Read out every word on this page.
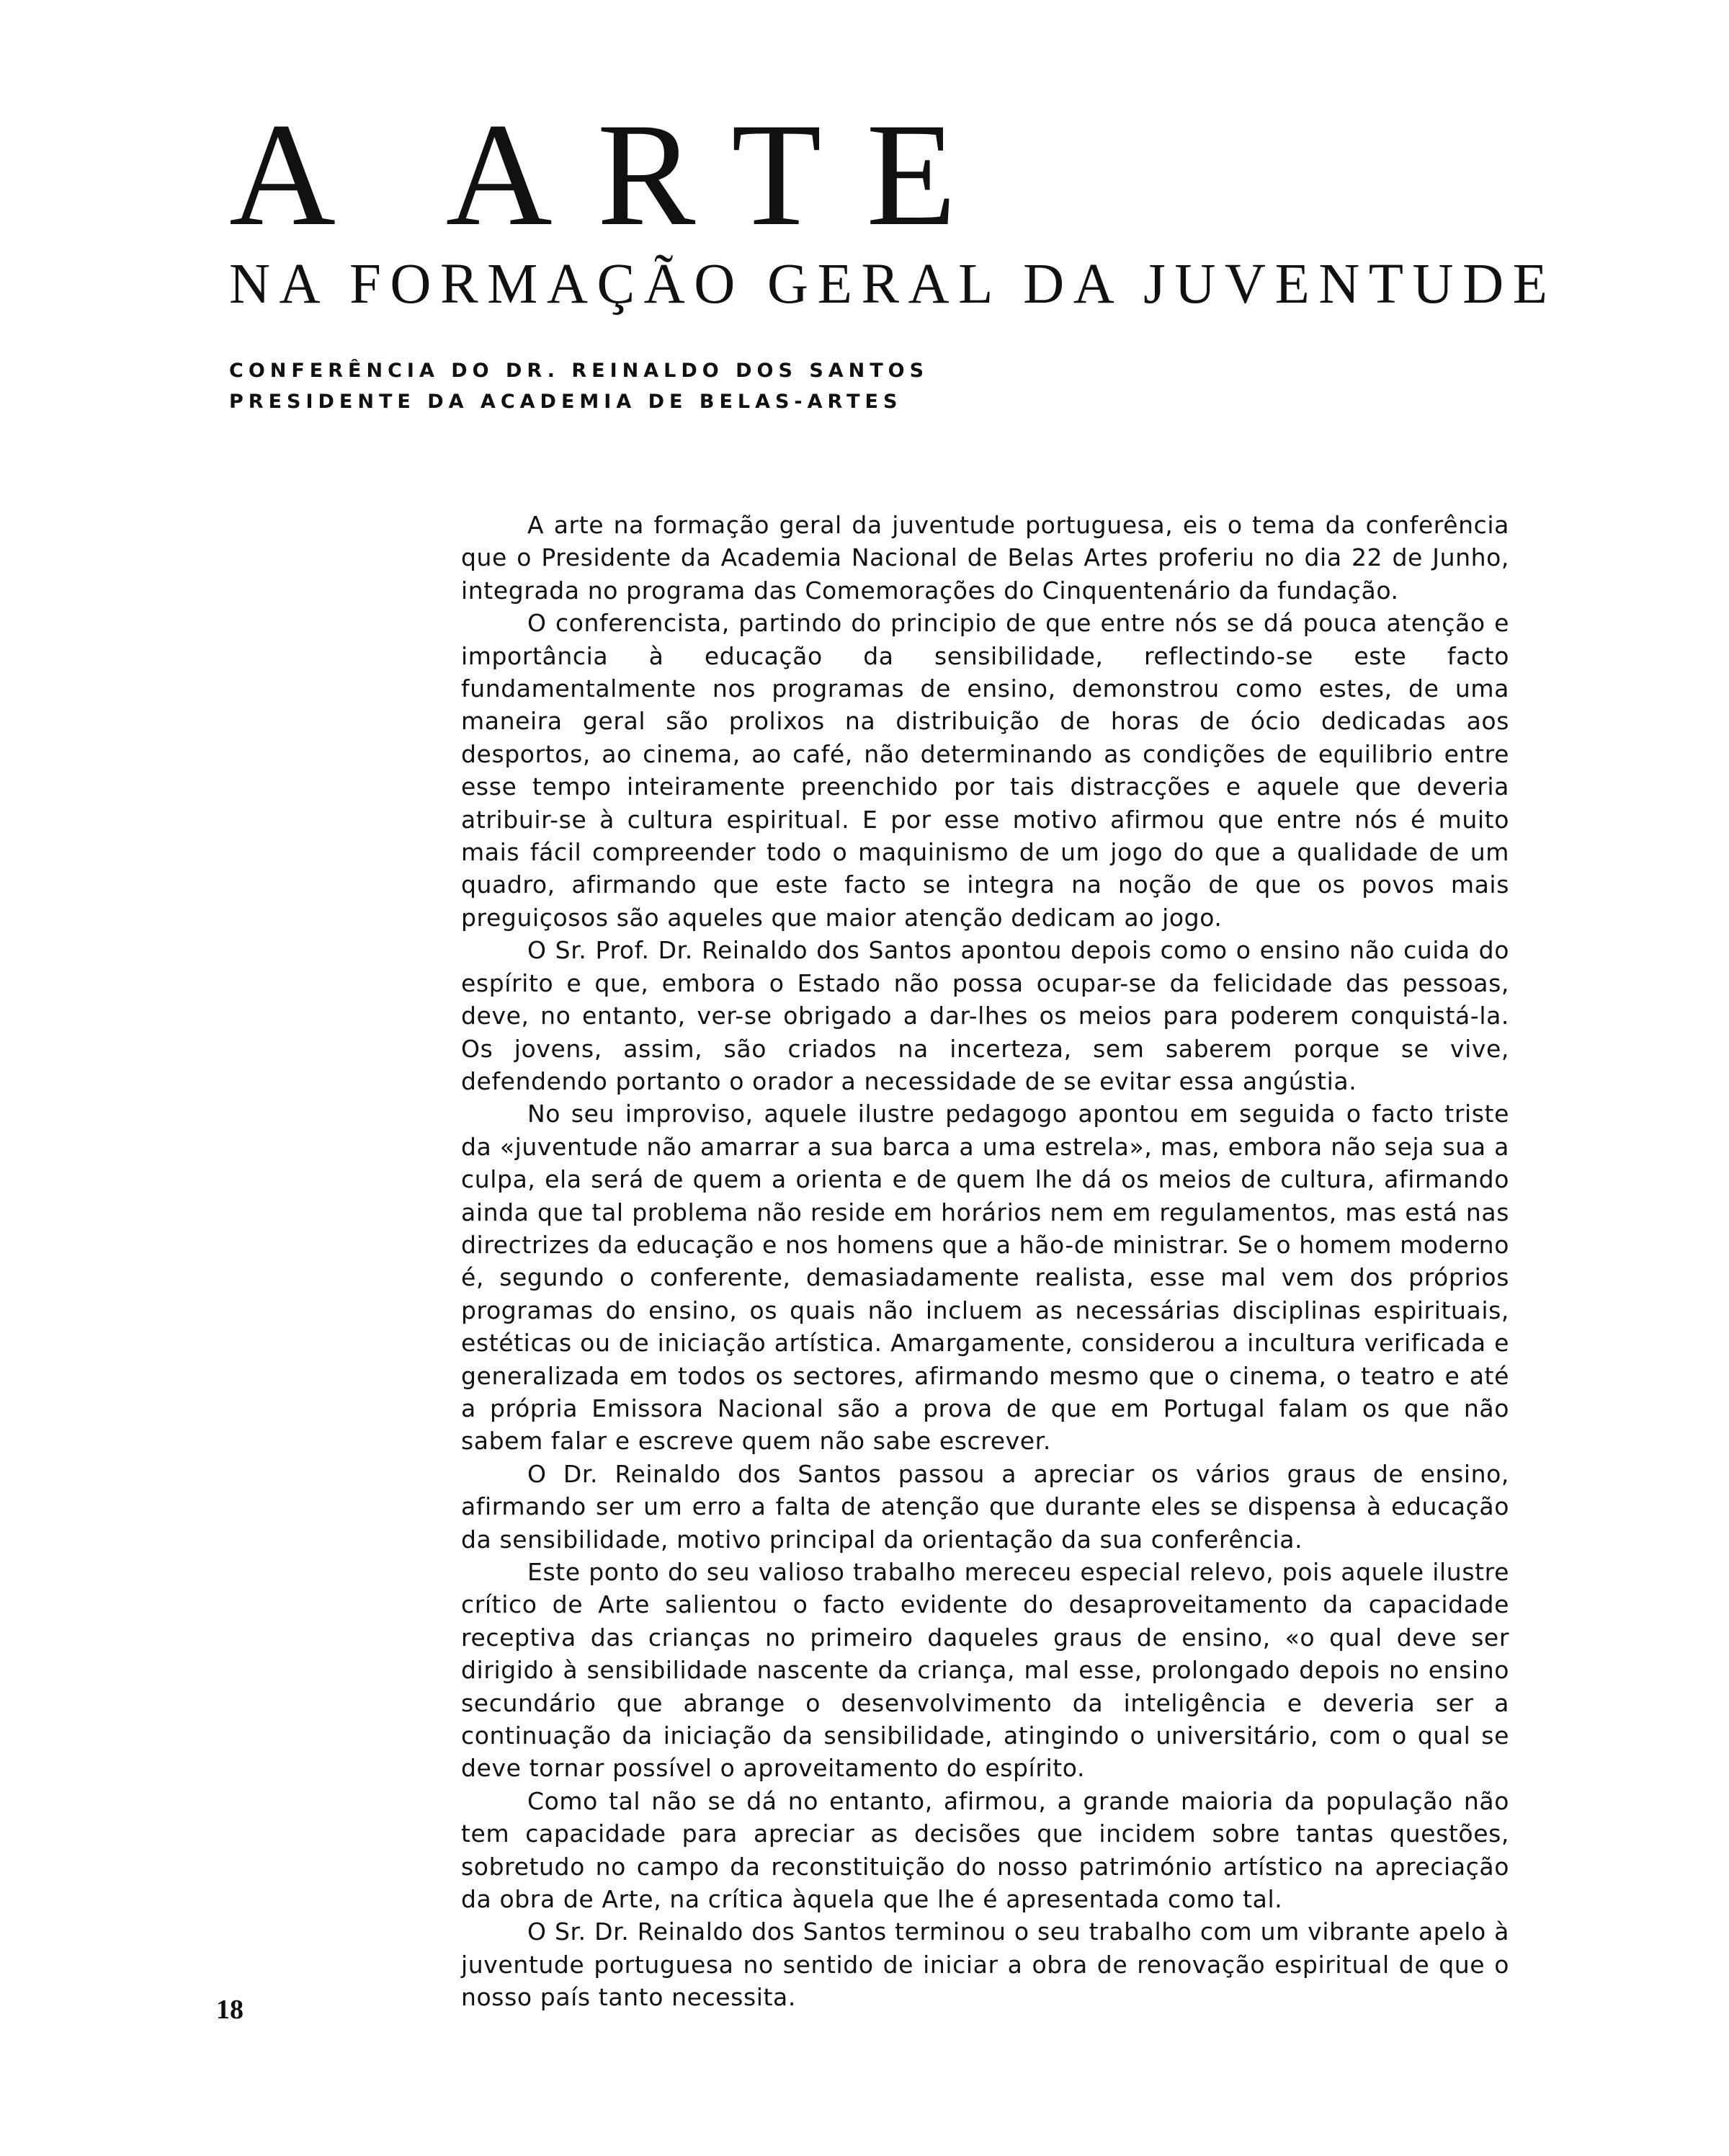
A ARTE
NA FORMAÇÃO GERAL DA JUVENTUDE
CONFERÊNCIA DO DR. REINALDO DOS SANTOS
PRESIDENTE DA ACADEMIA DE BELAS-ARTES

A arte na formação geral da juventude portuguesa, eis o tema da conferência que o Presidente da Academia Nacional de Belas Artes proferiu no dia 22 de Junho, integrada no programa das Comemorações do Cinquentenário da fundação.

O conferencista, partindo do principio de que entre nós se dá pouca atenção e importância à educação da sensibilidade, reflectindo-se este facto fundamentalmente nos programas de ensino, demonstrou como estes, de uma maneira geral são prolixos na distribuição de horas de ócio dedicadas aos desportos, ao cinema, ao café, não determinando as condições de equilibrio entre esse tempo inteiramente preenchido por tais distracções e aquele que deveria atribuir-se à cultura espiritual. E por esse motivo afirmou que entre nós é muito mais fácil compreender todo o maquinismo de um jogo do que a qualidade de um quadro, afirmando que este facto se integra na noção de que os povos mais preguiçosos são aqueles que maior atenção dedicam ao jogo.

O Sr. Prof. Dr. Reinaldo dos Santos apontou depois como o ensino não cuida do espírito e que, embora o Estado não possa ocupar-se da felicidade das pessoas, deve, no entanto, ver-se obrigado a dar-lhes os meios para poderem conquistá-la. Os jovens, assim, são criados na incerteza, sem saberem porque se vive, defendendo portanto o orador a necessidade de se evitar essa angústia.

No seu improviso, aquele ilustre pedagogo apontou em seguida o facto triste da «juventude não amarrar a sua barca a uma estrela», mas, embora não seja sua a culpa, ela será de quem a orienta e de quem lhe dá os meios de cultura, afirmando ainda que tal problema não reside em horários nem em regulamentos, mas está nas directrizes da educação e nos homens que a hão-de ministrar. Se o homem moderno é, segundo o conferente, demasiadamente realista, esse mal vem dos próprios programas do ensino, os quais não incluem as necessárias disciplinas espirituais, estéticas ou de iniciação artística. Amargamente, considerou a incultura verificada e generalizada em todos os sectores, afirmando mesmo que o cinema, o teatro e até a própria Emissora Nacional são a prova de que em Portugal falam os que não sabem falar e escreve quem não sabe escrever.

O Dr. Reinaldo dos Santos passou a apreciar os vários graus de ensino, afirmando ser um erro a falta de atenção que durante eles se dispensa à educação da sensibilidade, motivo principal da orientação da sua conferência.

Este ponto do seu valioso trabalho mereceu especial relevo, pois aquele ilustre crítico de Arte salientou o facto evidente do desaproveitamento da capacidade receptiva das crianças no primeiro daqueles graus de ensino, «o qual deve ser dirigido à sensibilidade nascente da criança, mal esse, prolongado depois no ensino secundário que abrange o desenvolvimento da inteligência e deveria ser a continuação da iniciação da sensibilidade, atingindo o universitário, com o qual se deve tornar possível o aproveitamento do espírito.

Como tal não se dá no entanto, afirmou, a grande maioria da população não tem capacidade para apreciar as decisões que incidem sobre tantas questões, sobretudo no campo da reconstituição do nosso património artístico na apreciação da obra de Arte, na crítica àquela que lhe é apresentada como tal.

O Sr. Dr. Reinaldo dos Santos terminou o seu trabalho com um vibrante apelo à juventude portuguesa no sentido de iniciar a obra de renovação espiritual de que o nosso país tanto necessita.

18
